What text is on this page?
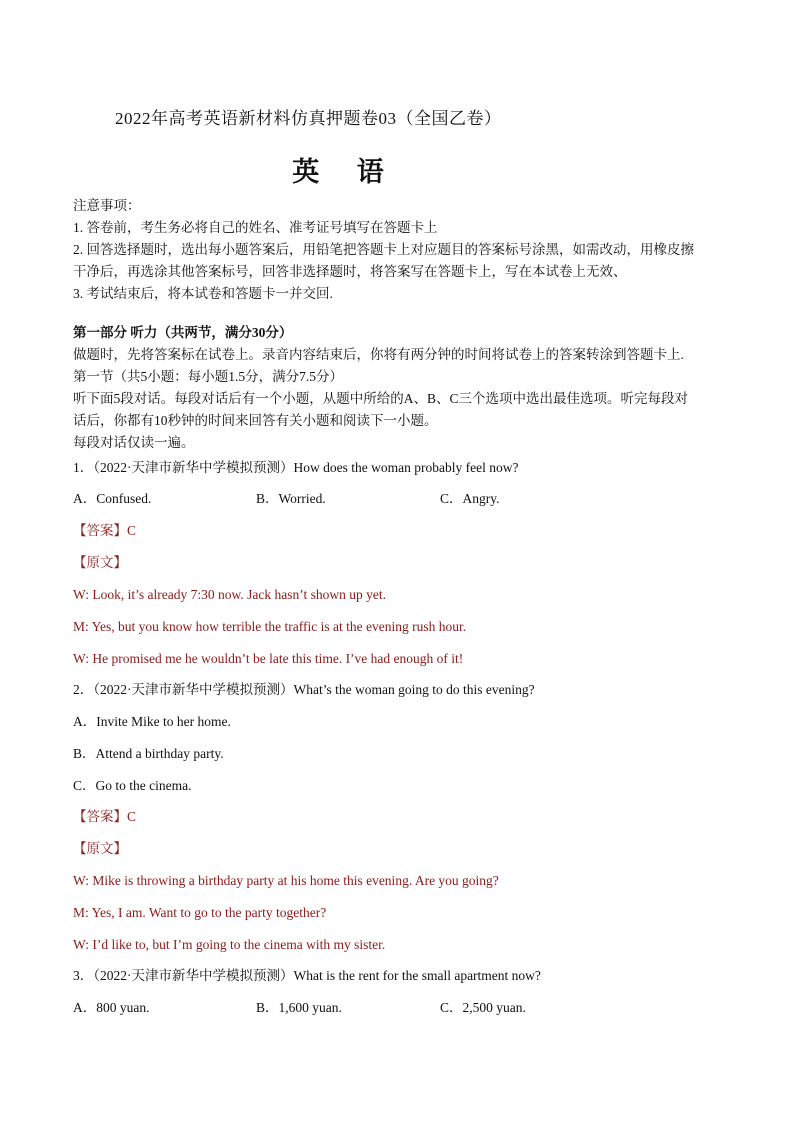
2022年高考英语新材料仿真押题卷03（全国乙卷）
英 语
注意事项：
1. 答卷前，考生务必将自己的姓名、准考证号填写在答题卡上
2. 回答选择题时，选出每小题答案后，用铅笔把答题卡上对应题目的答案标号涂黑，如需改动，用橡皮擦
干净后，再选涂其他答案标号，回答非选择题时，将答案写在答题卡上，写在本试卷上无效、
3. 考试结束后，将本试卷和答题卡一并交回.
第一部分 听力（共两节，满分30分）
做题时，先将答案标在试卷上。录音内容结束后，你将有两分钟的时间将试卷上的答案转涂到答题卡上.
第一节（共5小题：每小题1.5分，满分7.5分）
听下面5段对话。每段对话后有一个小题，从题中所给的A、B、C三个选项中选出最佳选项。听完每段对
话后，你都有10秒钟的时间来回答有关小题和阅读下一小题。
每段对话仅读一遍。
1．（2022·天津市新华中学模拟预测）How does the woman probably feel now?
A．Confused.	B．Worried.	C．Angry.
【答案】C
【原文】
W: Look, it’s already 7:30 now. Jack hasn’t shown up yet.
M: Yes, but you know how terrible the traffic is at the evening rush hour.
W: He promised me he wouldn’t be late this time. I’ve had enough of it!
2．（2022·天津市新华中学模拟预测）What’s the woman going to do this evening?
A．Invite Mike to her home.
B．Attend a birthday party.
C．Go to the cinema.
【答案】C
【原文】
W: Mike is throwing a birthday party at his home this evening. Are you going?
M: Yes, I am. Want to go to the party together?
W: I’d like to, but I’m going to the cinema with my sister.
3．（2022·天津市新华中学模拟预测）What is the rent for the small apartment now?
A．800 yuan.	B．1,600 yuan.	C．2,500 yuan.
